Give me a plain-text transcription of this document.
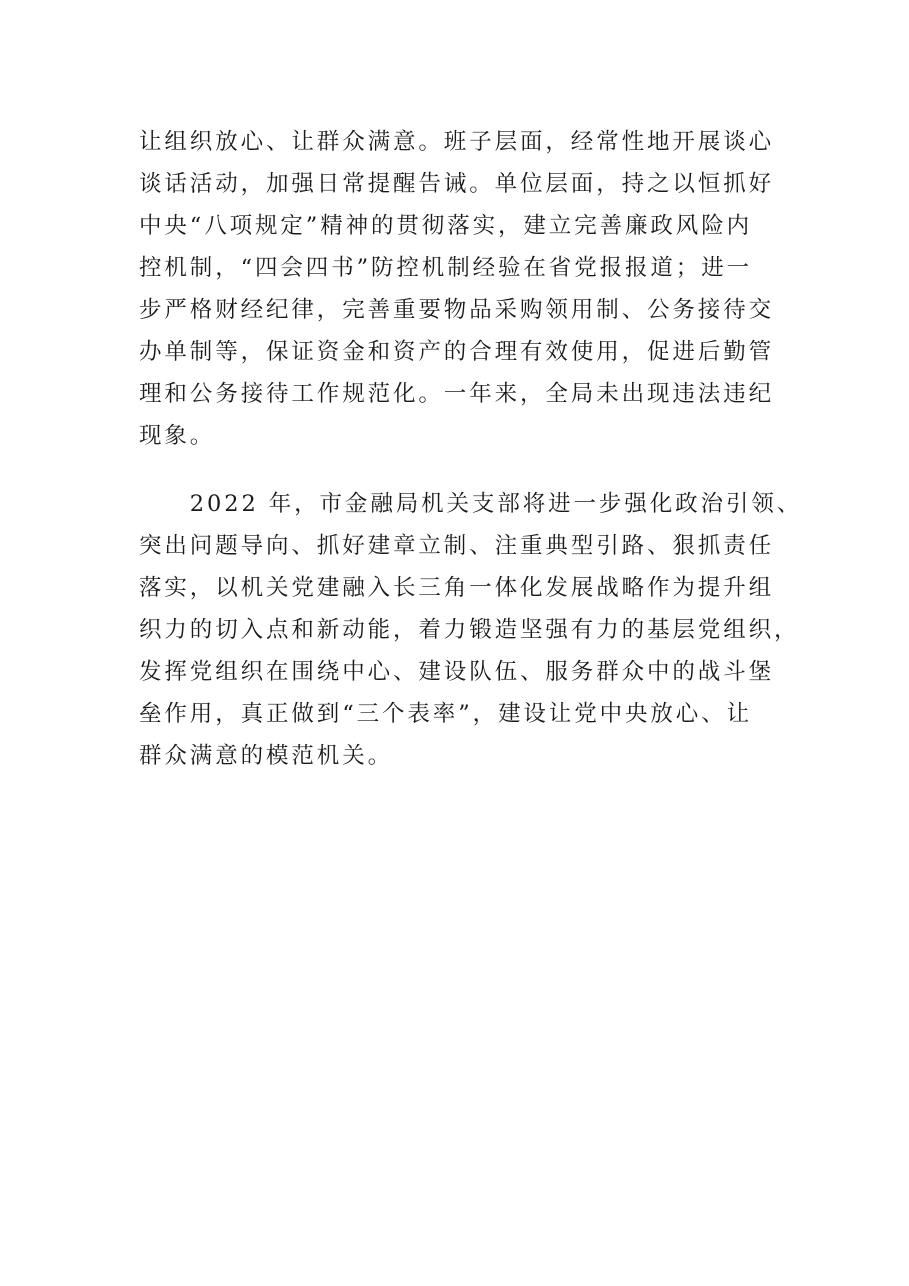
让组织放心、让群众满意。班子层面，经常性地开展谈心
谈话活动，加强日常提醒告诫。单位层面，持之以恒抓好
中央“八项规定”精神的贯彻落实，建立完善廉政风险内
控机制，“四会四书”防控机制经验在省党报报道；进一
步严格财经纪律，完善重要物品采购领用制、公务接待交
办单制等，保证资金和资产的合理有效使用，促进后勤管
理和公务接待工作规范化。一年来，全局未出现违法违纪
现象。
　　2022 年，市金融局机关支部将进一步强化政治引领、
突出问题导向、抓好建章立制、注重典型引路、狠抓责任
落实，以机关党建融入长三角一体化发展战略作为提升组
织力的切入点和新动能，着力锻造坚强有力的基层党组织，
发挥党组织在围绕中心、建设队伍、服务群众中的战斗堡
垒作用，真正做到“三个表率”，建设让党中央放心、让
群众满意的模范机关。
